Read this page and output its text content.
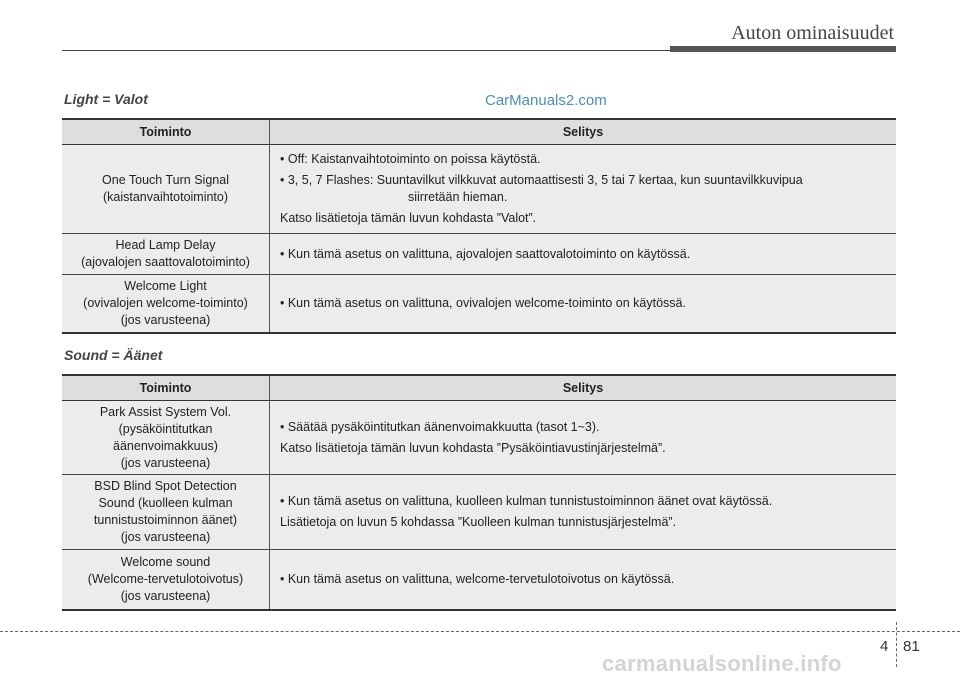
Auton ominaisuudet
Light = Valot	CarManuals2.com
Toiminto	Selitys

One Touch Turn Signal
(kaistanvaihtotoiminto)	• Off: Kaistanvaihtotoiminto on poissa käytöstä.
• 3, 5, 7 Flashes: Suuntavilkut vilkkuvat automaattisesti 3, 5 tai 7 kertaa, kun suuntavilkkuvipua
siirretään hieman.
Katso lisätietoja tämän luvun kohdasta ”Valot”.

Head Lamp Delay
(ajovalojen saattovalotoiminto)	• Kun tämä asetus on valittuna, ajovalojen saattovalotoiminto on käytössä.

Welcome Light
(ovivalojen welcome-toiminto)
(jos varusteena)	• Kun tämä asetus on valittuna, ovivalojen welcome-toiminto on käytössä.
Sound = Äänet
Toiminto	Selitys

Park Assist System Vol.
(pysäköintitutkan
äänenvoimakkuus)
(jos varusteena)	• Säätää pysäköintitutkan äänenvoimakkuutta (tasot 1~3).
Katso lisätietoja tämän luvun kohdasta ”Pysäköintiavustinjärjestelmä”.

BSD Blind Spot Detection
Sound (kuolleen kulman
tunnistustoiminnon äänet)
(jos varusteena)	• Kun tämä asetus on valittuna, kuolleen kulman tunnistustoiminnon äänet ovat käytössä.
Lisätietoja on luvun 5 kohdassa ”Kuolleen kulman tunnistusjärjestelmä”.

Welcome sound
(Welcome-tervetulotoivotus)
(jos varusteena)	• Kun tämä asetus on valittuna, welcome-tervetulotoivotus on käytössä.
4 81
carmanualsonline.info
